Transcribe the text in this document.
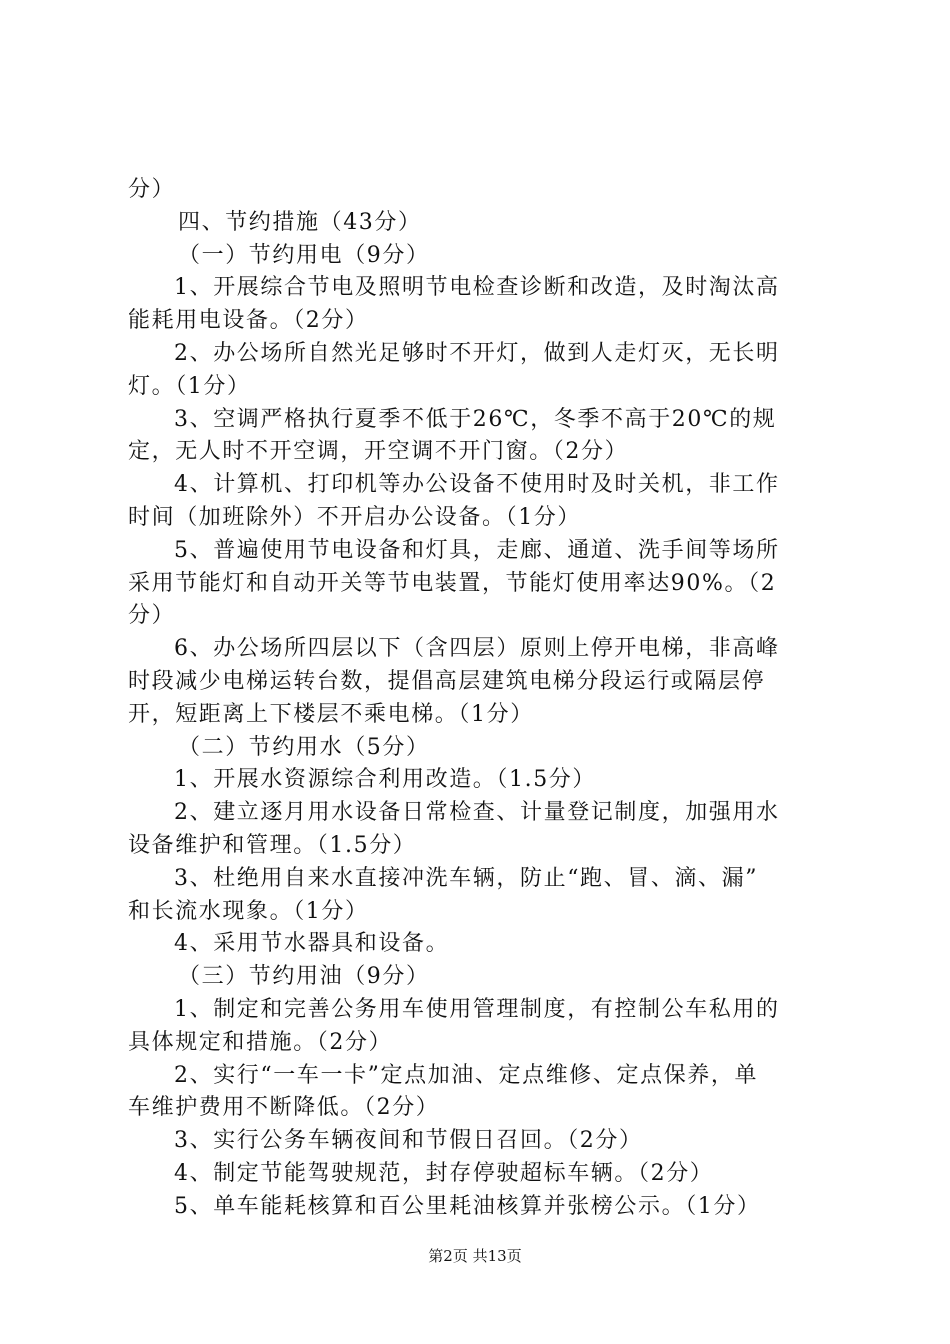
分）
四、节约措施（43分）
（一）节约用电（9分）
1、开展综合节电及照明节电检查诊断和改造，及时淘汰高
能耗用电设备。（2分）
2、办公场所自然光足够时不开灯，做到人走灯灭，无长明
灯。（1分）
3、空调严格执行夏季不低于26℃，冬季不高于20℃的规
定，无人时不开空调，开空调不开门窗。（2分）
4、计算机、打印机等办公设备不使用时及时关机，非工作
时间（加班除外）不开启办公设备。（1分）
5、普遍使用节电设备和灯具，走廊、通道、洗手间等场所
采用节能灯和自动开关等节电装置，节能灯使用率达90%。（2
分）
6、办公场所四层以下（含四层）原则上停开电梯，非高峰
时段减少电梯运转台数，提倡高层建筑电梯分段运行或隔层停
开，短距离上下楼层不乘电梯。（1分）
（二）节约用水（5分）
1、开展水资源综合利用改造。（1.5分）
2、建立逐月用水设备日常检查、计量登记制度，加强用水
设备维护和管理。（1.5分）
3、杜绝用自来水直接冲洗车辆，防止“跑、冒、滴、漏”
和长流水现象。（1分）
4、采用节水器具和设备。
（三）节约用油（9分）
1、制定和完善公务用车使用管理制度，有控制公车私用的
具体规定和措施。（2分）
2、实行“一车一卡”定点加油、定点维修、定点保养，单
车维护费用不断降低。（2分）
3、实行公务车辆夜间和节假日召回。（2分）
4、制定节能驾驶规范，封存停驶超标车辆。（2分）
5、单车能耗核算和百公里耗油核算并张榜公示。（1分）
第2页 共13页
